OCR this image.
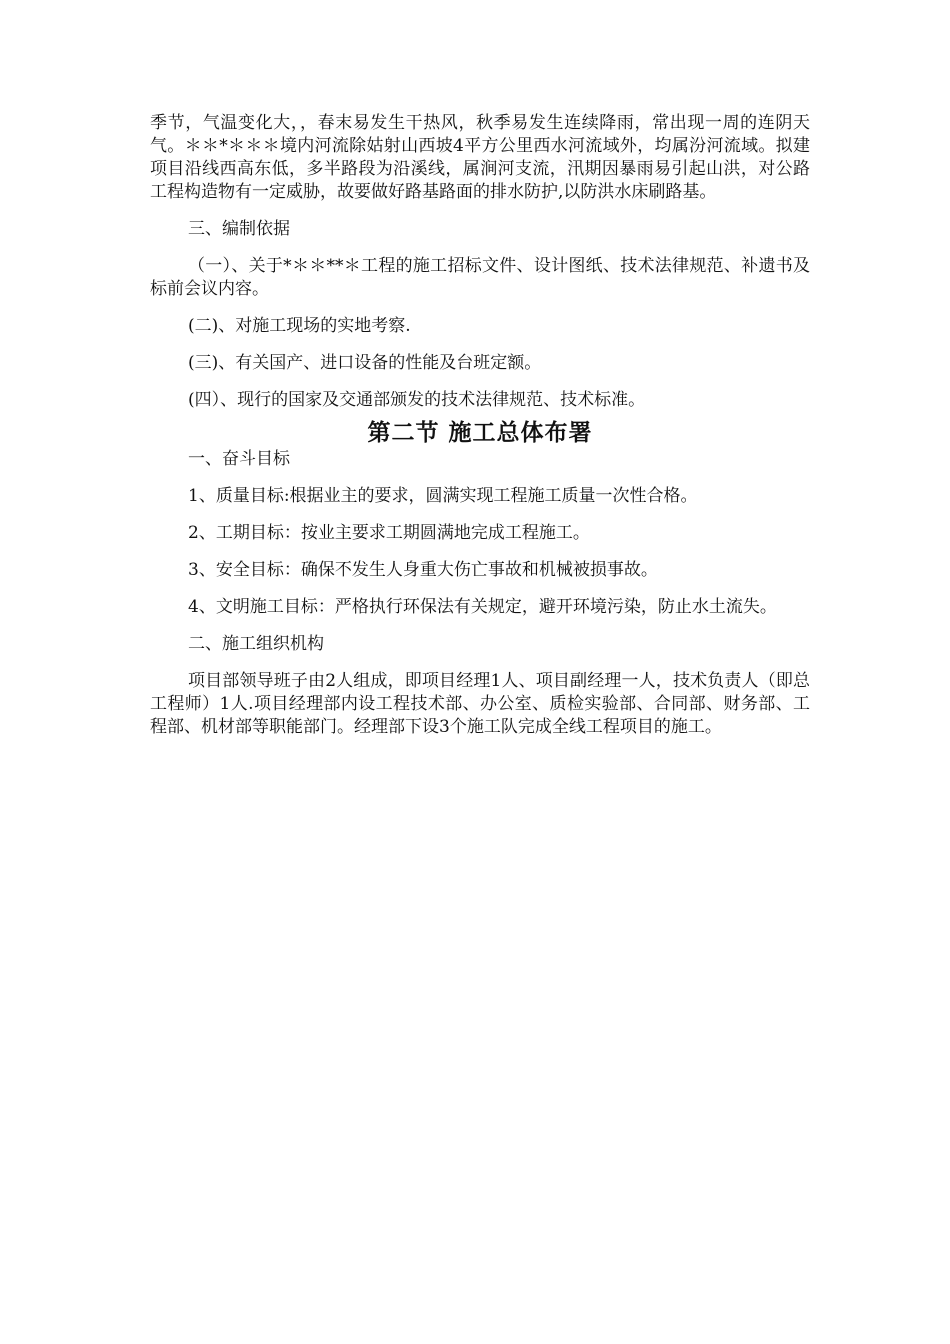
季节，气温变化大，，春末易发生干热风，秋季易发生连续降雨，常出现一周的连阴天气。＊＊*＊＊＊境内河流除姑射山西坡4平方公里西水河流域外，均属汾河流域。拟建项目沿线西高东低，多半路段为沿溪线，属涧河支流，汛期因暴雨易引起山洪，对公路工程构造物有一定威胁，故要做好路基路面的排水防护,以防洪水床刷路基。

三、编制依据

（一）、关于*＊＊**＊工程的施工招标文件、设计图纸、技术法律规范、补遗书及标前会议内容。

(二)、对施工现场的实地考察.

(三)、有关国产、进口设备的性能及台班定额。

(四）、现行的国家及交通部颁发的技术法律规范、技术标准。

第二节 施工总体布署

一、奋斗目标

1、质量目标:根据业主的要求，圆满实现工程施工质量一次性合格。

2、工期目标：按业主要求工期圆满地完成工程施工。

3、安全目标：确保不发生人身重大伤亡事故和机械被损事故。

4、文明施工目标：严格执行环保法有关规定，避开环境污染，防止水土流失。

二、施工组织机构

项目部领导班子由2人组成，即项目经理1人、项目副经理一人，技术负责人（即总工程师）1人.项目经理部内设工程技术部、办公室、质检实验部、合同部、财务部、工程部、机材部等职能部门。经理部下设3个施工队完成全线工程项目的施工。
